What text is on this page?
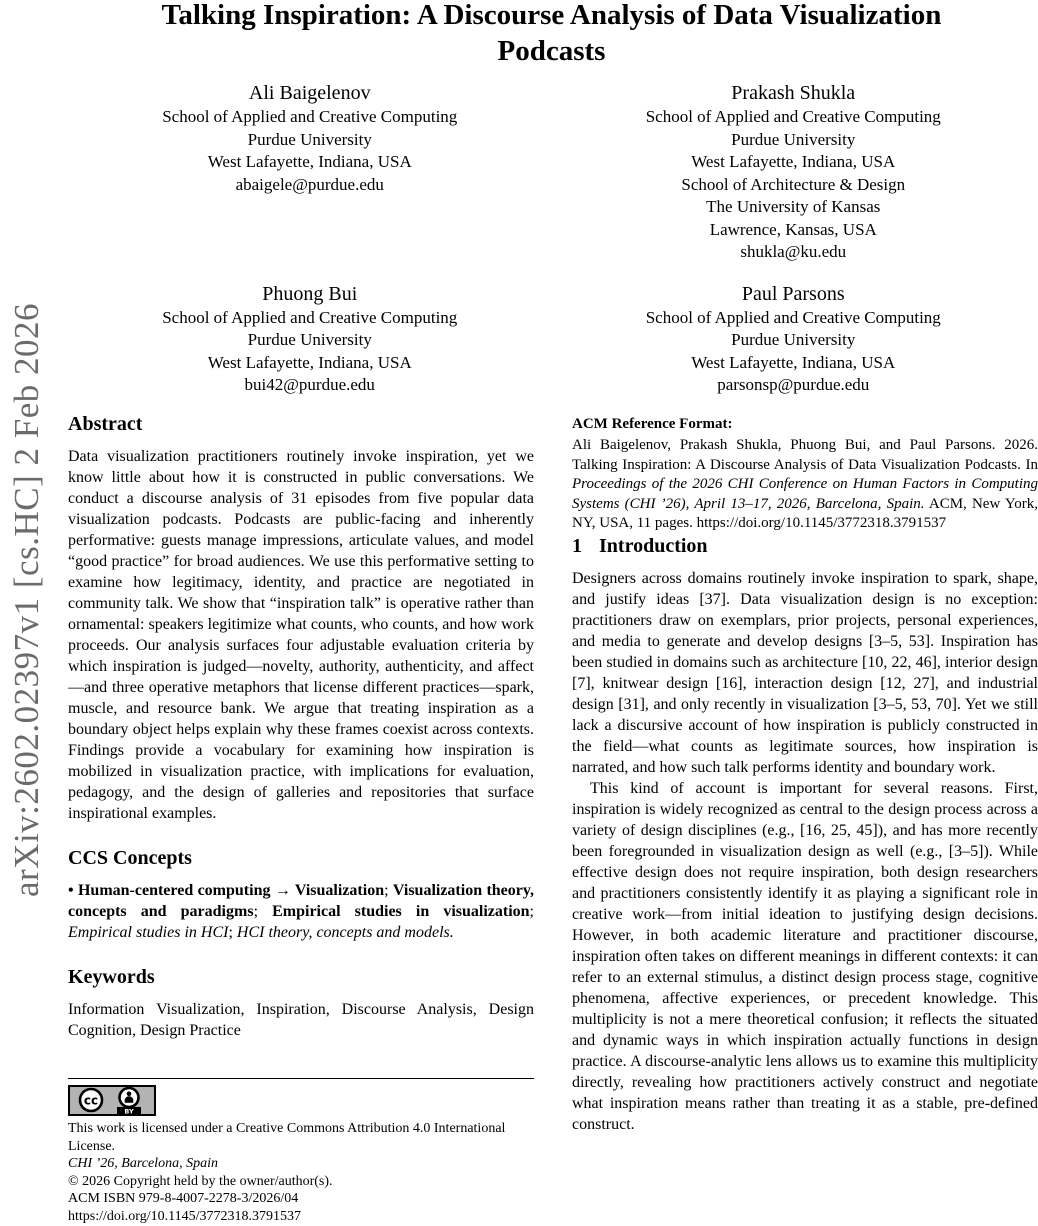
arXiv:2602.02397v1 [cs.HC] 2 Feb 2026
Talking Inspiration: A Discourse Analysis of Data Visualization
Podcasts
Ali Baigelenov
School of Applied and Creative Computing
Purdue University
West Lafayette, Indiana, USA
abaigele@purdue.edu
Prakash Shukla
School of Applied and Creative Computing
Purdue University
West Lafayette, Indiana, USA
School of Architecture & Design
The University of Kansas
Lawrence, Kansas, USA
shukla@ku.edu
Phuong Bui
School of Applied and Creative Computing
Purdue University
West Lafayette, Indiana, USA
bui42@purdue.edu
Paul Parsons
School of Applied and Creative Computing
Purdue University
West Lafayette, Indiana, USA
parsonsp@purdue.edu
Abstract

Data visualization practitioners routinely invoke inspiration, yet we know little about how it is constructed in public conversations. We conduct a discourse analysis of 31 episodes from five popular data visualization podcasts. Podcasts are public-facing and inherently performative: guests manage impressions, articulate values, and model “good practice” for broad audiences. We use this performative setting to examine how legitimacy, identity, and practice are negotiated in community talk. We show that “inspiration talk” is operative rather than ornamental: speakers legitimize what counts, who counts, and how work proceeds. Our analysis surfaces four adjustable evaluation criteria by which inspiration is judged—novelty, authority, authenticity, and affect—and three operative metaphors that license different practices—spark, muscle, and resource bank. We argue that treating inspiration as a boundary object helps explain why these frames coexist across contexts. Findings provide a vocabulary for examining how inspiration is mobilized in visualization practice, with implications for evaluation, pedagogy, and the design of galleries and repositories that surface inspirational examples.

CCS Concepts

• Human-centered computing → Visualization; Visualization theory, concepts and paradigms; Empirical studies in visualization; Empirical studies in HCI; HCI theory, concepts and models.

Keywords

Information Visualization, Inspiration, Discourse Analysis, Design Cognition, Design Practice

cc
BY

This work is licensed under a Creative Commons Attribution 4.0 International License.

CHI ’26, Barcelona, Spain

© 2026 Copyright held by the owner/author(s).

ACM ISBN 979-8-4007-2278-3/2026/04

https://doi.org/10.1145/3772318.3791537

ACM Reference Format:

Ali Baigelenov, Prakash Shukla, Phuong Bui, and Paul Parsons. 2026. Talking Inspiration: A Discourse Analysis of Data Visualization Podcasts. In Proceedings of the 2026 CHI Conference on Human Factors in Computing Systems (CHI ’26), April 13–17, 2026, Barcelona, Spain. ACM, New York, NY, USA, 11 pages. https://doi.org/10.1145/3772318.3791537

1 Introduction

Designers across domains routinely invoke inspiration to spark, shape, and justify ideas [37]. Data visualization design is no exception: practitioners draw on exemplars, prior projects, personal experiences, and media to generate and develop designs [3–5, 53]. Inspiration has been studied in domains such as architecture [10, 22, 46], interior design [7], knitwear design [16], interaction design [12, 27], and industrial design [31], and only recently in visualization [3–5, 53, 70]. Yet we still lack a discursive account of how inspiration is publicly constructed in the field—what counts as legitimate sources, how inspiration is narrated, and how such talk performs identity and boundary work.

This kind of account is important for several reasons. First, inspiration is widely recognized as central to the design process across a variety of design disciplines (e.g., [16, 25, 45]), and has more recently been foregrounded in visualization design as well (e.g., [3–5]). While effective design does not require inspiration, both design researchers and practitioners consistently identify it as playing a significant role in creative work—from initial ideation to justifying design decisions. However, in both academic literature and practitioner discourse, inspiration often takes on different meanings in different contexts: it can refer to an external stimulus, a distinct design process stage, cognitive phenomena, affective experiences, or precedent knowledge. This multiplicity is not a mere theoretical confusion; it reflects the situated and dynamic ways in which inspiration actually functions in design practice. A discourse-analytic lens allows us to examine this multiplicity directly, revealing how practitioners actively construct and negotiate what inspiration means rather than treating it as a stable, pre-defined construct.
